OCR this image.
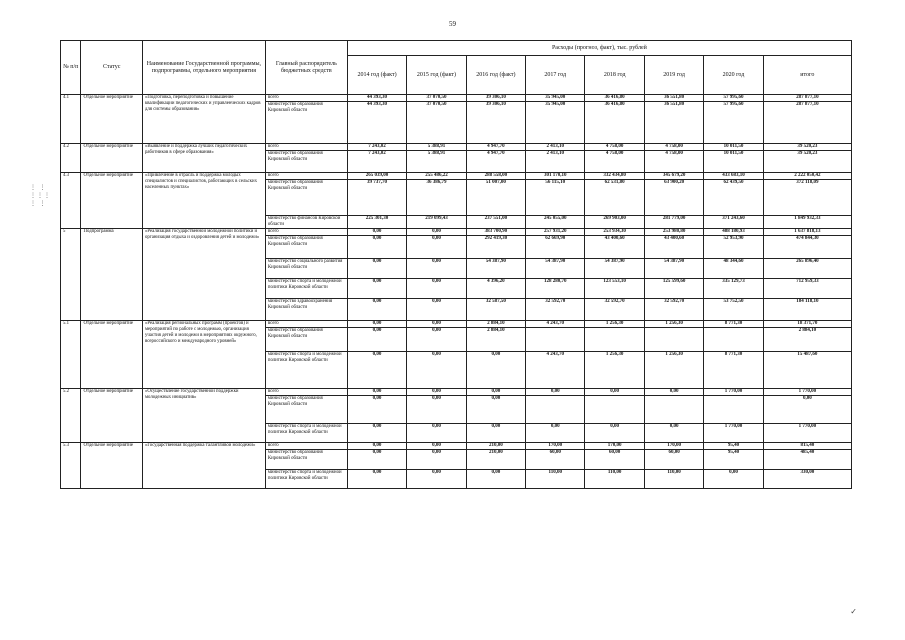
59
⋮ ⋮
⋮⋮⋮
⋮ ⋮
✓
№ п/п	Статус	Наименование Государственной программы, подпрограммы, отдельного мероприятия	Главный распорядитель бюджетных средств	Расходы (прогноз, факт), тыс. рублей							
				2014 год (факт)	2015 год (факт)	2016 год (факт)	2017 год	2018 год	2019 год	2020 год	итого
4.1	Отдельное мероприятие	«Подготовка, переподготовка и повышение квалификации педагогических и управленческих кадров для системы образования»	всего	44 393,30	37 070,50	39 306,10	35 945,00	36 416,80	36 551,80	57 995,60	287 877,10
			министерство образования Кировской области	44 393,30	37 070,50	39 306,10	35 945,00	36 416,80	36 551,80	57 995,60	287 877,10
4.2	Отдельное мероприятие	«Выявление и поддержка лучших педагогических работников в сфере образования»	всего	7 243,02	5 388,91	4 947,70	2 413,10	4 758,00	4 758,00	10 011,50	39 520,23
			министерство образования Кировской области	7 243,02	5 388,91	4 947,70	2 413,10	4 758,00	4 758,00	10 011,50	39 520,23
4.3	Отдельное мероприятие	«Привлечение в отрасль и поддержка молодых специалистов и специалистов, работающих в сельских населенных пунктах»	всего	265 039,00	255 486,22	288 558,00	301 170,10	332 434,80	345 679,20	433 683,10	2 222 050,42
			министерство образования Кировской области	39 737,70	36 386,79	51 007,00	56 115,10	62 531,80	63 900,20	62 439,50	372 118,09
			министерство финансов Кировской области	225 301,30	219 099,43	237 551,00	245 055,00	269 903,00	281 779,00	371 243,60	1 849 932,33
5	Подпрограмма	«Реализация государственной молодежной политики и организация отдыха и оздоровления детей и молодежи»	всего	0,00	0,00	383 700,90	257 931,20	253 934,30	253 980,80	488 180,93	1 637 818,13
			министерство образования Кировской области	0,00	0,00	292 419,30	62 669,90	43 400,60	43 400,60	52 953,90	474 844,30
			министерство социального развития Кировской области	0,00	0,00	54 387,90	54 387,90	54 387,90	54 387,90	48 344,60	265 896,40
			министерство спорта и молодежной политики Кировской области	0,00	0,00	4 396,20	128 280,70	123 553,10	125 599,60	335 129,73	712 959,33
			министерство здравоохранения Кировской области	0,00	0,00	32 587,50	32 592,70	32 592,70	32 592,70	53 752,50	184 118,10
5.1	Отдельное мероприятие	«Реализация региональных программ (проектов) и мероприятий по работе с молодежью, организация участия детей и молодежи в мероприятиях окружного, всероссийского и международного уровней»	всего	0,00	0,00	2 884,10	4 243,70	1 256,30	1 256,30	8 771,30	18 371,70
			министерство образования Кировской области	0,00	0,00	2 884,10					2 884,10
			министерство спорта и молодежной политики Кировской области	0,00	0,00	0,00	4 243,70	1 256,30	1 256,30	8 771,30	15 487,60
5.2	Отдельное мероприятие	«Осуществление государственной поддержки молодежных инициатив»	всего	0,00	0,00	0,00	0,00	0,00	0,00	1 770,00	1 770,00
			министерство образования Кировской области	0,00	0,00	0,00					0,00
			министерство спорта и молодежной политики Кировской области	0,00	0,00	0,00	0,00	0,00	0,00	1 770,00	1 770,00
5.3	Отдельное мероприятие	«Государственная поддержка талантливой молодежи»	всего	0,00	0,00	210,00	170,00	170,00	170,00	95,40	815,40
			министерство образования Кировской области	0,00	0,00	210,00	60,00	60,00	60,00	95,40	485,40
			министерство спорта и молодежной политики Кировской области	0,00	0,00	0,00	110,00	110,00	110,00	0,00	330,00
